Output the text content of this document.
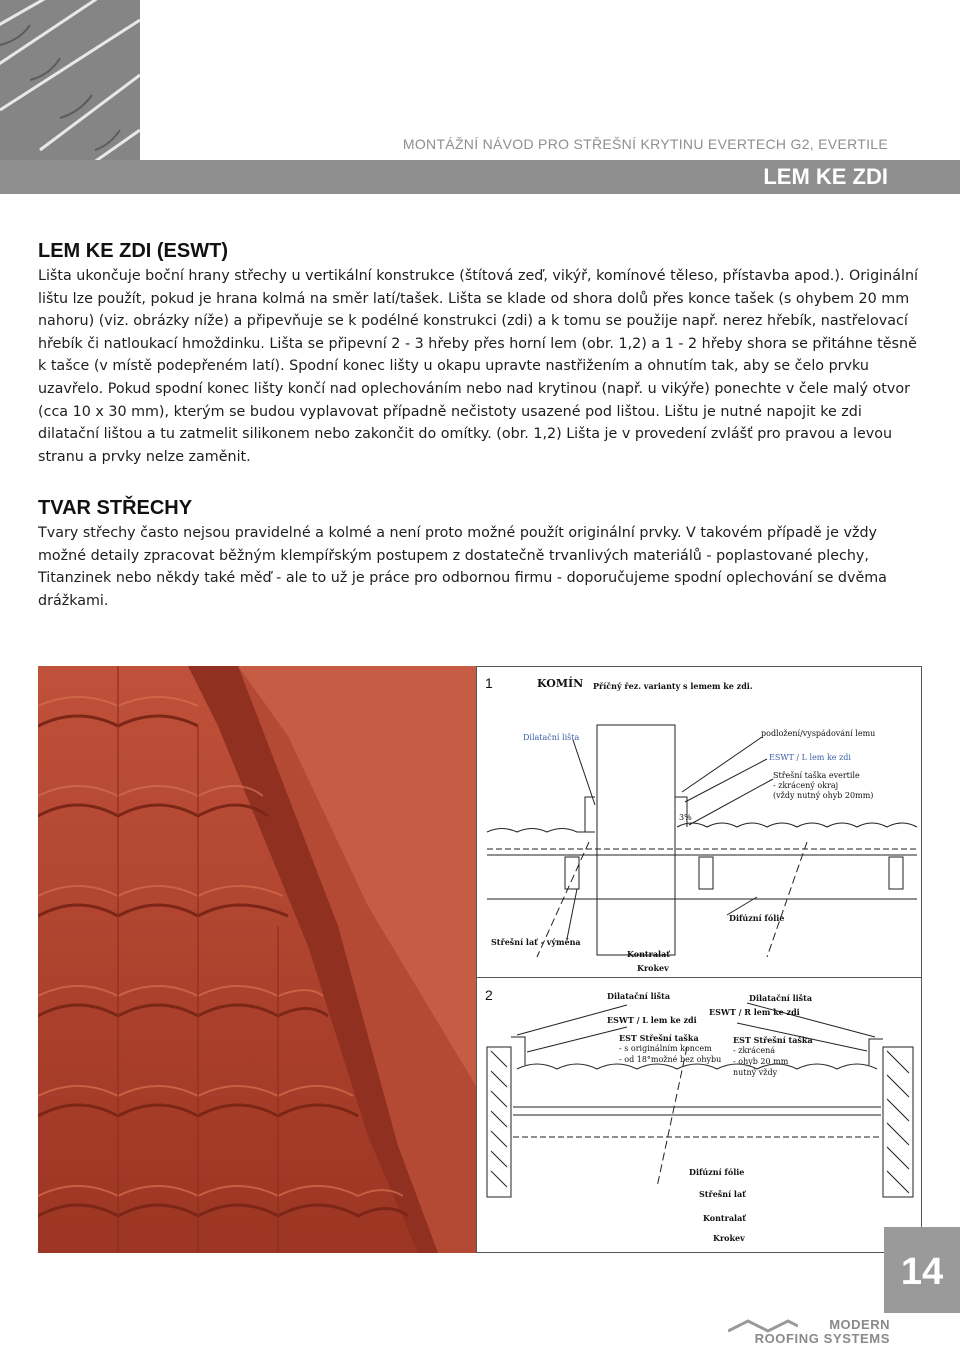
MONTÁŽNÍ NÁVOD PRO STŘEŠNÍ KRYTINU EVERTECH G2, EVERTILE
LEM KE ZDI
LEM KE ZDI (ESWT)

Lišta ukončuje boční hrany střechy u vertikální konstrukce (štítová zeď, vikýř, komínové těleso, přístavba apod.). Originální lištu lze použít, pokud je hrana kolmá na směr latí/tašek. Lišta se klade od shora dolů přes konce tašek (s ohybem 20 mm nahoru) (viz. obrázky níže) a připevňuje se k podélné konstrukci (zdi) a k tomu se použije např. nerez hřebík, nastřelovací hřebík či natloukací hmoždinku. Lišta se připevní 2 - 3 hřeby přes horní lem (obr. 1,2) a 1 - 2 hřeby shora se přitáhne těsně k tašce (v místě podepřeném latí). Spodní konec lišty u okapu upravte nastřižením a ohnutím tak, aby se čelo prvku uzavřelo. Pokud spodní konec lišty končí nad oplechováním nebo nad krytinou (např. u vikýře) ponechte v čele malý otvor (cca 10 x 30 mm), kterým se budou vyplavovat případně nečistoty usazené pod lištou. Lištu je nutné napojit ke zdi dilatační lištou a tu zatmelit silikonem nebo zakončit do omítky. (obr. 1,2) Lišta je v provedení zvlášť pro pravou a levou stranu a prvky nelze zaměnit.

TVAR STŘECHY

Tvary střechy často nejsou pravidelné a kolmé a není proto možné použít originální prvky. V takovém případě je vždy možné detaily zpracovat běžným klempířským postupem z dostatečně trvanlivých materiálů - poplastované plechy, Titanzinek nebo někdy také měď - ale to už je práce pro odbornou firmu - doporučujeme spodní oplechování se dvěma drážkami.

1	KOMÍN Příčný řez. varianty s lemem ke zdi.
Dilatační lišta	podložení/vyspádování lemu
ESWT / L lem ke zdi
Střešní taška evertile
- zkrácený okraj
(vždy nutný ohyb 20mm)
3%
Difúzní fólie
Střešní lať - výměna
Kontralať
Krokev
2	Dilatační lišta	Dilatační lišta
ESWT / R lem ke zdi
ESWT / L lem ke zdi
EST Střešní taška
- s originálním koncem
- od 18°možné bez ohybu
EST Střešní taška
- zkrácená
- ohyb 20 mm
nutný vždy
Difúzní fólie
Střešní lať
Kontralať
Krokev
14
MODERN
ROOFING SYSTEMS
